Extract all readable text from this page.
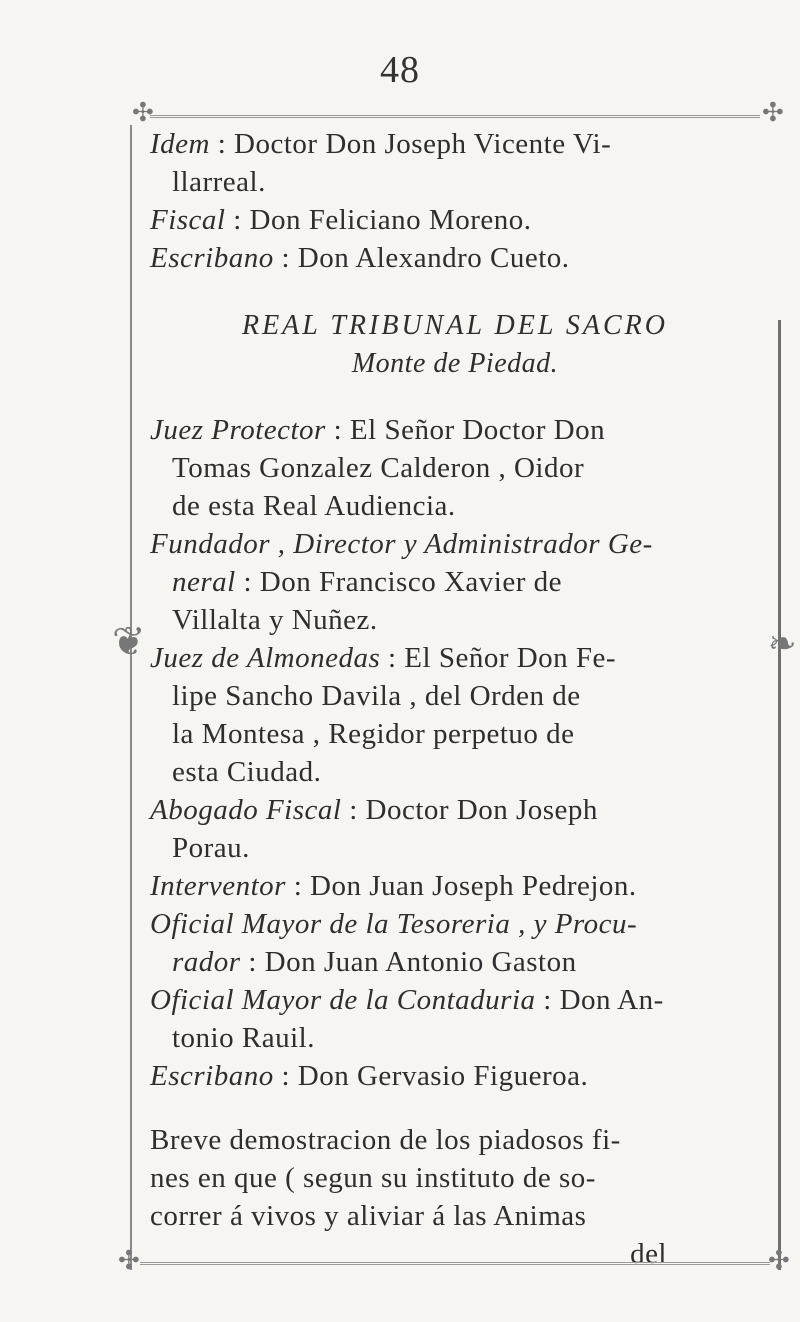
48
✣	✣
❦	❧

Idem : Doctor Don Joseph Vicente Vi-

llarreal.

Fiscal : Don Feliciano Moreno.

Escribano : Don Alexandro Cueto.

REAL TRIBUNAL DEL SACRO

Monte de Piedad.

Juez Protector : El Señor Doctor Don

Tomas Gonzalez Calderon , Oidor

de esta Real Audiencia.

Fundador , Director y Administrador Ge-

neral : Don Francisco Xavier de

Villalta y Nuñez.

Juez de Almonedas : El Señor Don Fe-

lipe Sancho Davila , del Orden de

la Montesa , Regidor perpetuo de

esta Ciudad.

Abogado Fiscal : Doctor Don Joseph

Porau.

Interventor : Don Juan Joseph Pedrejon.

Oficial Mayor de la Tesoreria , y Procu-

rador : Don Juan Antonio Gaston

Oficial Mayor de la Contaduria : Don An-

tonio Rauil.

Escribano : Don Gervasio Figueroa.

Breve demostracion de los piadosos fi-

nes en que ( segun su instituto de so-

correr á vivos y aliviar á las Animas

del

✣	✣
